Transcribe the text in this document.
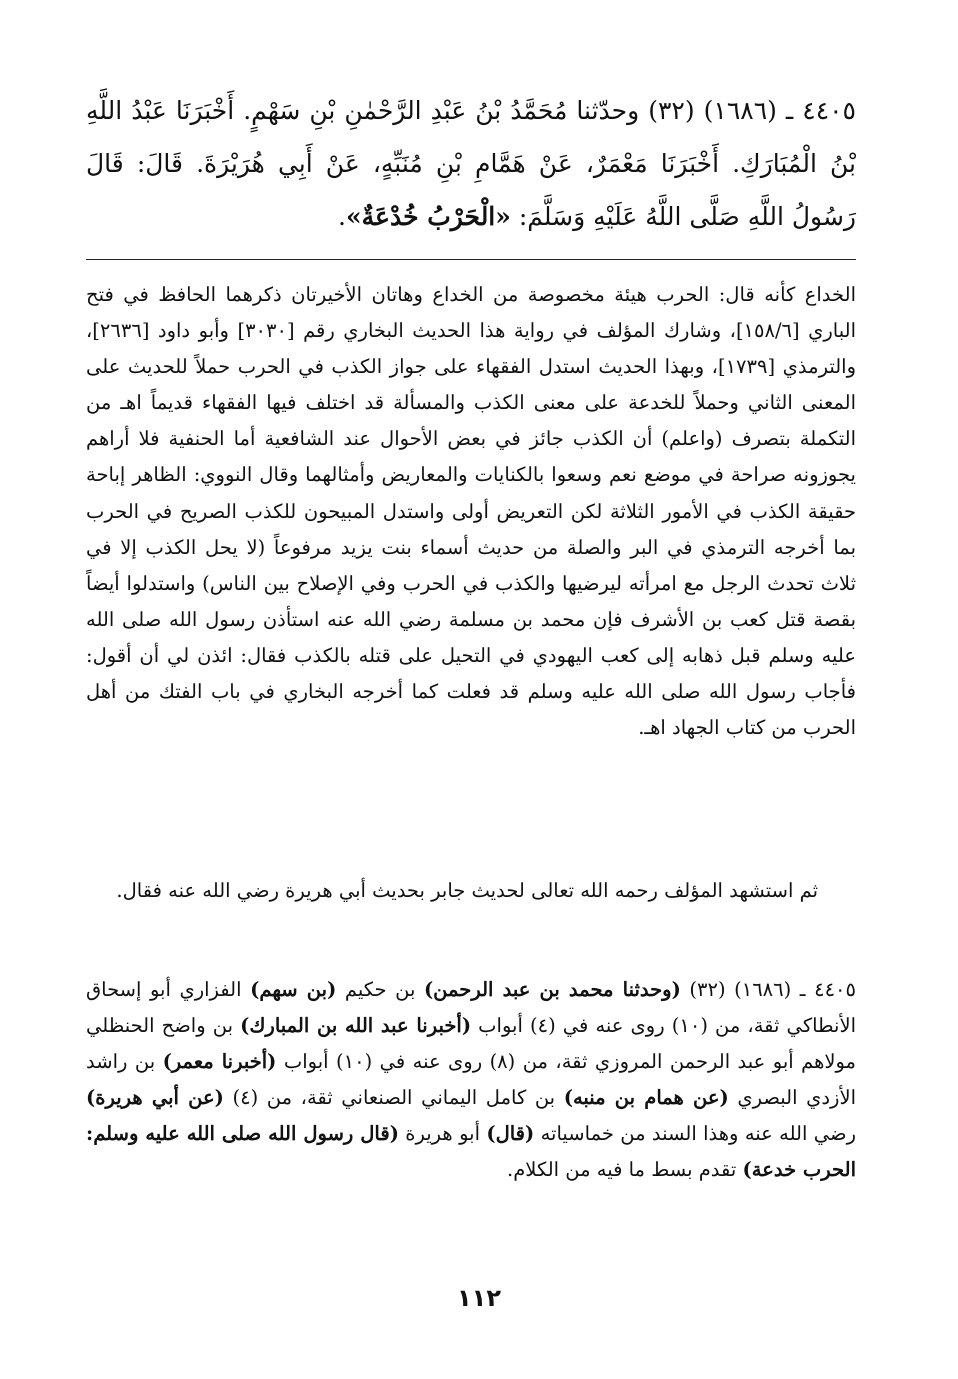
٤٤٠٥ ـ (١٦٨٦) (٣٢) وحدّثنا مُحَمَّدُ بْنُ عَبْدِ الرَّحْمٰنِ بْنِ سَهْمٍ. أَخْبَرَنَا عَبْدُ اللَّهِ بْنُ الْمُبَارَكِ. أَخْبَرَنَا مَعْمَرٌ، عَنْ هَمَّامِ بْنِ مُنَبِّهٍ، عَنْ أَبِي هُرَيْرَةَ. قَالَ: قَالَ رَسُولُ اللَّهِ صَلَّى اللَّهُ عَلَيْهِ وَسَلَّمَ: «الْحَرْبُ خُدْعَةٌ».
الخداع كأنه قال: الحرب هيئة مخصوصة من الخداع وهاتان الأخيرتان ذكرهما الحافظ في فتح الباري [١٥٨/٦]، وشارك المؤلف في رواية هذا الحديث البخاري رقم [٣٠٣٠] وأبو داود [٢٦٣٦]، والترمذي [١٧٣٩]، وبهذا الحديث استدل الفقهاء على جواز الكذب في الحرب حملاً للحديث على المعنى الثاني وحملاً للخدعة على معنى الكذب والمسألة قد اختلف فيها الفقهاء قديماً اهـ من التكملة بتصرف (واعلم) أن الكذب جائز في بعض الأحوال عند الشافعية أما الحنفية فلا أراهم يجوزونه صراحة في موضع نعم وسعوا بالكنايات والمعاريض وأمثالهما وقال النووي: الظاهر إباحة حقيقة الكذب في الأمور الثلاثة لكن التعريض أولى واستدل المبيحون للكذب الصريح في الحرب بما أخرجه الترمذي في البر والصلة من حديث أسماء بنت يزيد مرفوعاً (لا يحل الكذب إلا في ثلاث تحدث الرجل مع امرأته ليرضيها والكذب في الحرب وفي الإصلاح بين الناس) واستدلوا أيضاً بقصة قتل كعب بن الأشرف فإن محمد بن مسلمة رضي الله عنه استأذن رسول الله صلى الله عليه وسلم قبل ذهابه إلى كعب اليهودي في التحيل على قتله بالكذب فقال: ائذن لي أن أقول: فأجاب رسول الله صلى الله عليه وسلم قد فعلت كما أخرجه البخاري في باب الفتك من أهل الحرب من كتاب الجهاد اهـ.
ثم استشهد المؤلف رحمه الله تعالى لحديث جابر بحديث أبي هريرة رضي الله عنه فقال.
٤٤٠٥ ـ (١٦٨٦) (٣٢) (وحدثنا محمد بن عبد الرحمن) بن حكيم (بن سهم) الفزاري أبو إسحاق الأنطاكي ثقة، من (١٠) روى عنه في (٤) أبواب (أخبرنا عبد الله بن المبارك) بن واضح الحنظلي مولاهم أبو عبد الرحمن المروزي ثقة، من (٨) روى عنه في (١٠) أبواب (أخبرنا معمر) بن راشد الأزدي البصري (عن همام بن منبه) بن كامل اليماني الصنعاني ثقة، من (٤) (عن أبي هريرة) رضي الله عنه وهذا السند من خماسياته (قال) أبو هريرة (قال رسول الله صلى الله عليه وسلم: الحرب خدعة) تقدم بسط ما فيه من الكلام.
١١٢
